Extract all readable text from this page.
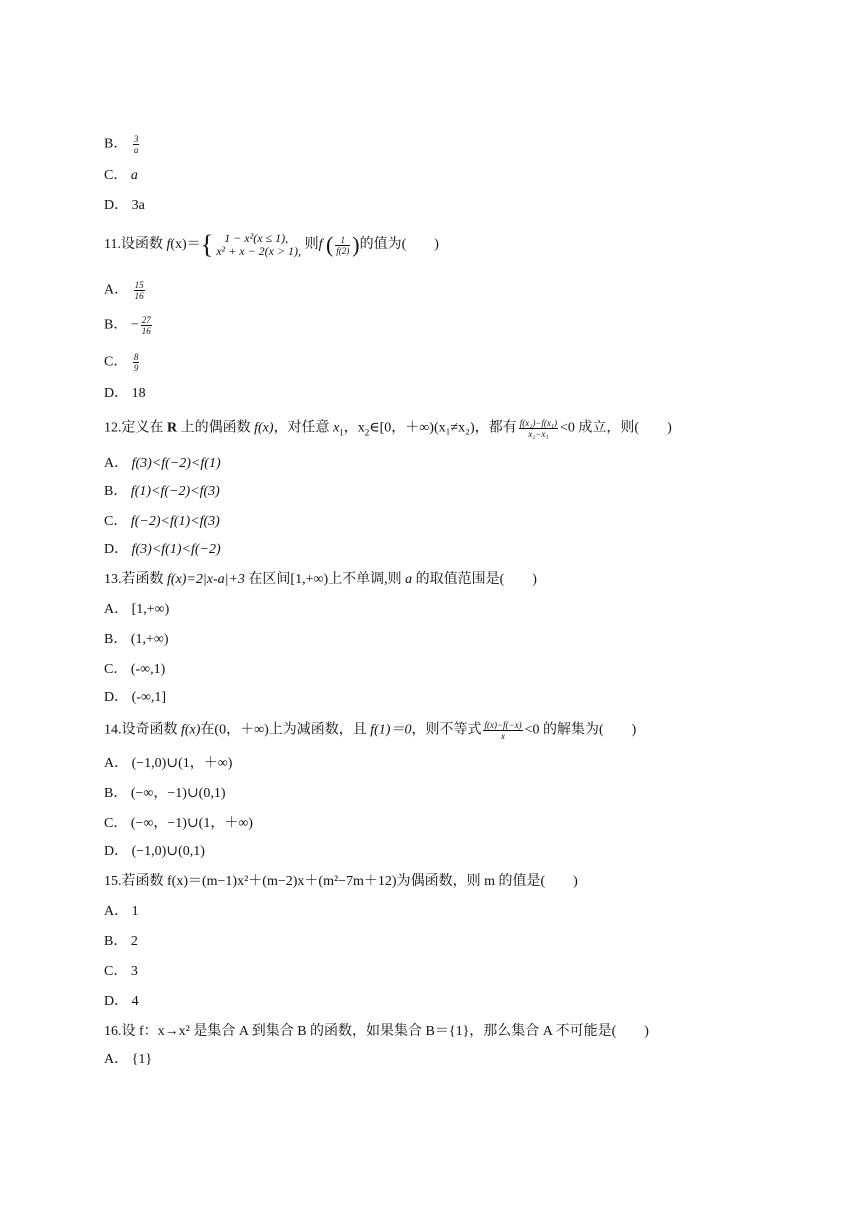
B． $\frac{3}{a}$
C． a
D． 3a
11.设函数 f(x)＝{ 1 − x²(x ≤ 1),
x² + x − 2(x > 1), 则f ( $\frac{1}{f(2)}$ )的值为(　　)
A． $\frac{15}{16}$
B． − $\frac{27}{16}$
C． $\frac{8}{9}$
D． 18
12.定义在 R 上的偶函数 f(x)，对任意 $x_1$，$x_2\in[0$，＋∞)(x₁≠x₂)，都有 $\frac{\text{f(x₂)−f(x₁)}}{\text{x₂−x₁}} <0$ 成立，则(　　)
A． f(3)<f(−2)<f(1)
B． f(1)<f(−2)<f(3)
C． f(−2)<f(1)<f(3)
D． f(3)<f(1)<f(−2)
13.若函数 f(x)=2|x-a|+3 在区间[1,+∞)上不单调,则 a 的取值范围是(　　)
A． [1,+∞)
B． (1,+∞)
C． (-∞,1)
D． (-∞,1]
14.设奇函数 f(x)在(0，＋∞)上为减函数，且 f(1)＝0，则不等式 $\frac{f(x)-f(-x)}{x} <0$ 的解集为(　　)
A． (−1,0)∪(1，＋∞)
B． (−∞，−1)∪(0,1)
C． (−∞，−1)∪(1，＋∞)
D． (−1,0)∪(0,1)
15.若函数 f(x)＝(m−1)x²＋(m−2)x＋(m²−7m＋12)为偶函数，则 m 的值是(　　)
A． 1
B． 2
C． 3
D． 4
16.设 f：x→x² 是集合 A 到集合 B 的函数，如果集合 B＝{1}，那么集合 A 不可能是(　　)
A． {1}
